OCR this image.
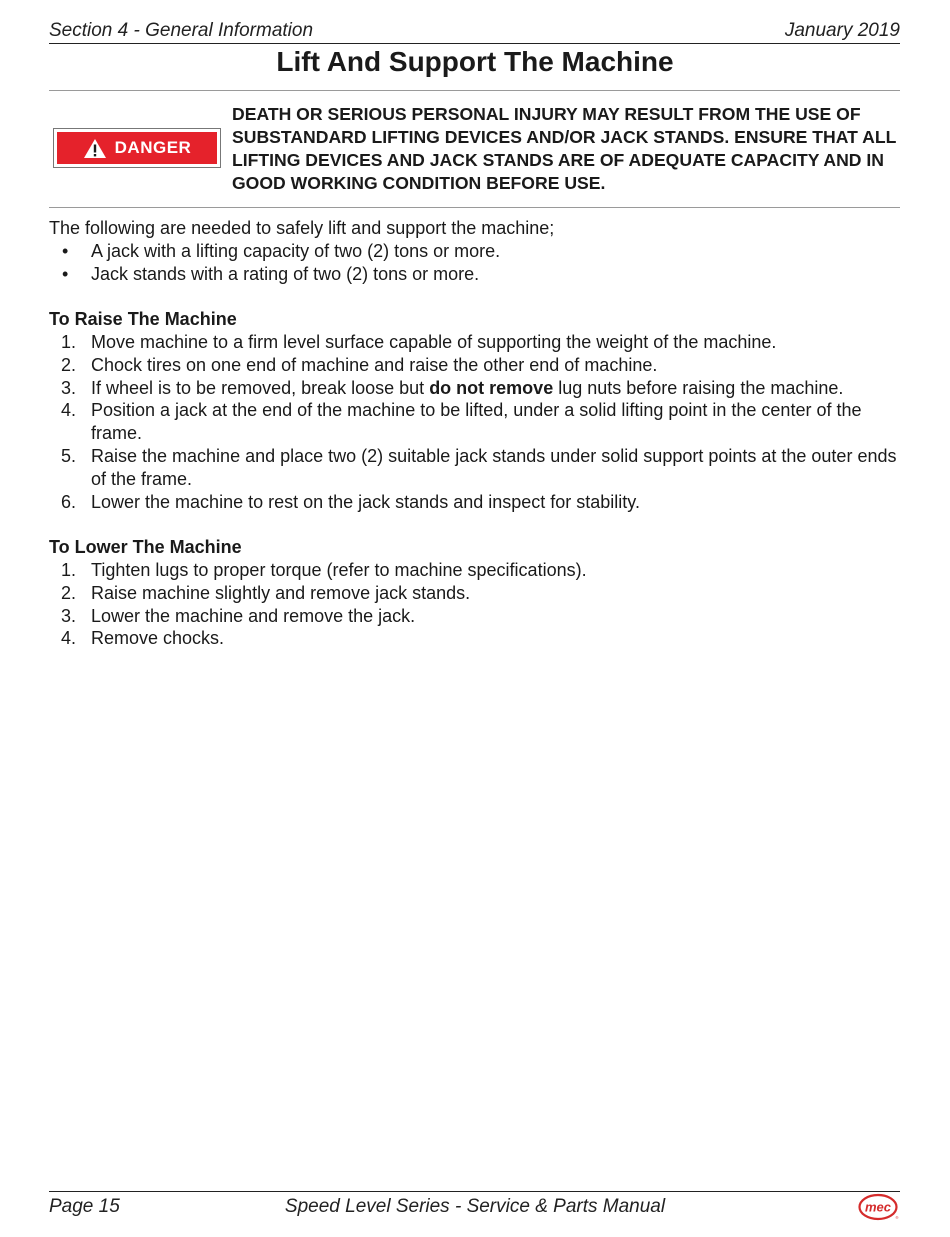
Section 4 - General Information	January 2019
Lift And Support The Machine
DANGER
DEATH OR SERIOUS PERSONAL INJURY MAY RESULT FROM THE USE OF SUBSTANDARD LIFTING DEVICES AND/OR JACK STANDS. ENSURE THAT ALL LIFTING DEVICES AND JACK STANDS ARE OF ADEQUATE CAPACITY AND IN GOOD WORKING CONDITION BEFORE USE.

The following are needed to safely lift and support the machine;

• A jack with a lifting capacity of two (2) tons or more.
• Jack stands with a rating of two (2) tons or more.

To Raise The Machine

1. Move machine to a firm level surface capable of supporting the weight of the machine.
2. Chock tires on one end of machine and raise the other end of machine.
3. If wheel is to be removed, break loose but do not remove lug nuts before raising the machine.
4. Position a jack at the end of the machine to be lifted, under a solid lifting point in the center of the frame.
5. Raise the machine and place two (2) suitable jack stands under solid support points at the outer ends of the frame.
6. Lower the machine to rest on the jack stands and inspect for stability.

To Lower The Machine

1. Tighten lugs to proper torque (refer to machine specifications).
2. Raise machine slightly and remove jack stands.
3. Lower the machine and remove the jack.
4. Remove chocks.
Page 15	Speed Level Series - Service & Parts Manual	mec
®
